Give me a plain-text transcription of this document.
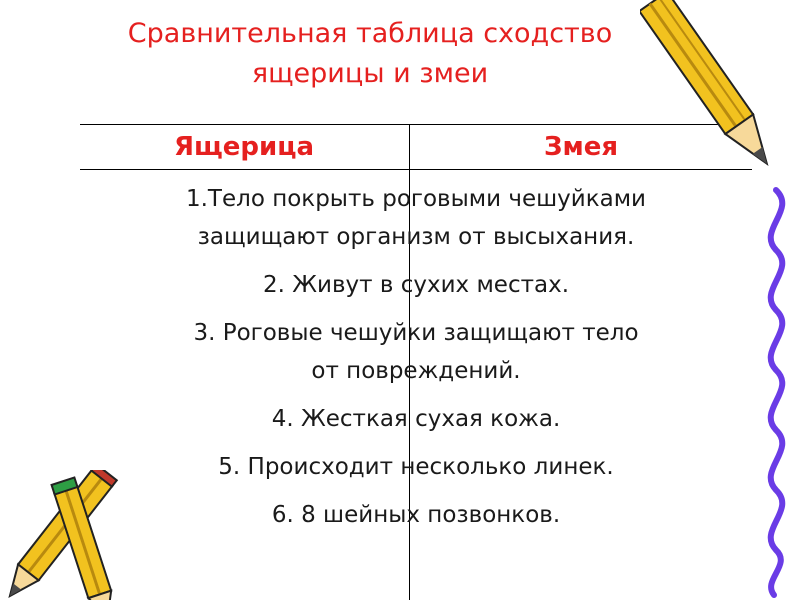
Сравнительная таблица сходство
ящерицы и змеи
Ящерица	Змея
1.Тело покрыть роговыми чешуйками
защищают организм от высыхания.
2. Живут в сухих местах.
3. Роговые чешуйки защищают тело
от повреждений.
4. Жесткая сухая кожа.
5. Происходит несколько линек.
6. 8 шейных позвонков.
